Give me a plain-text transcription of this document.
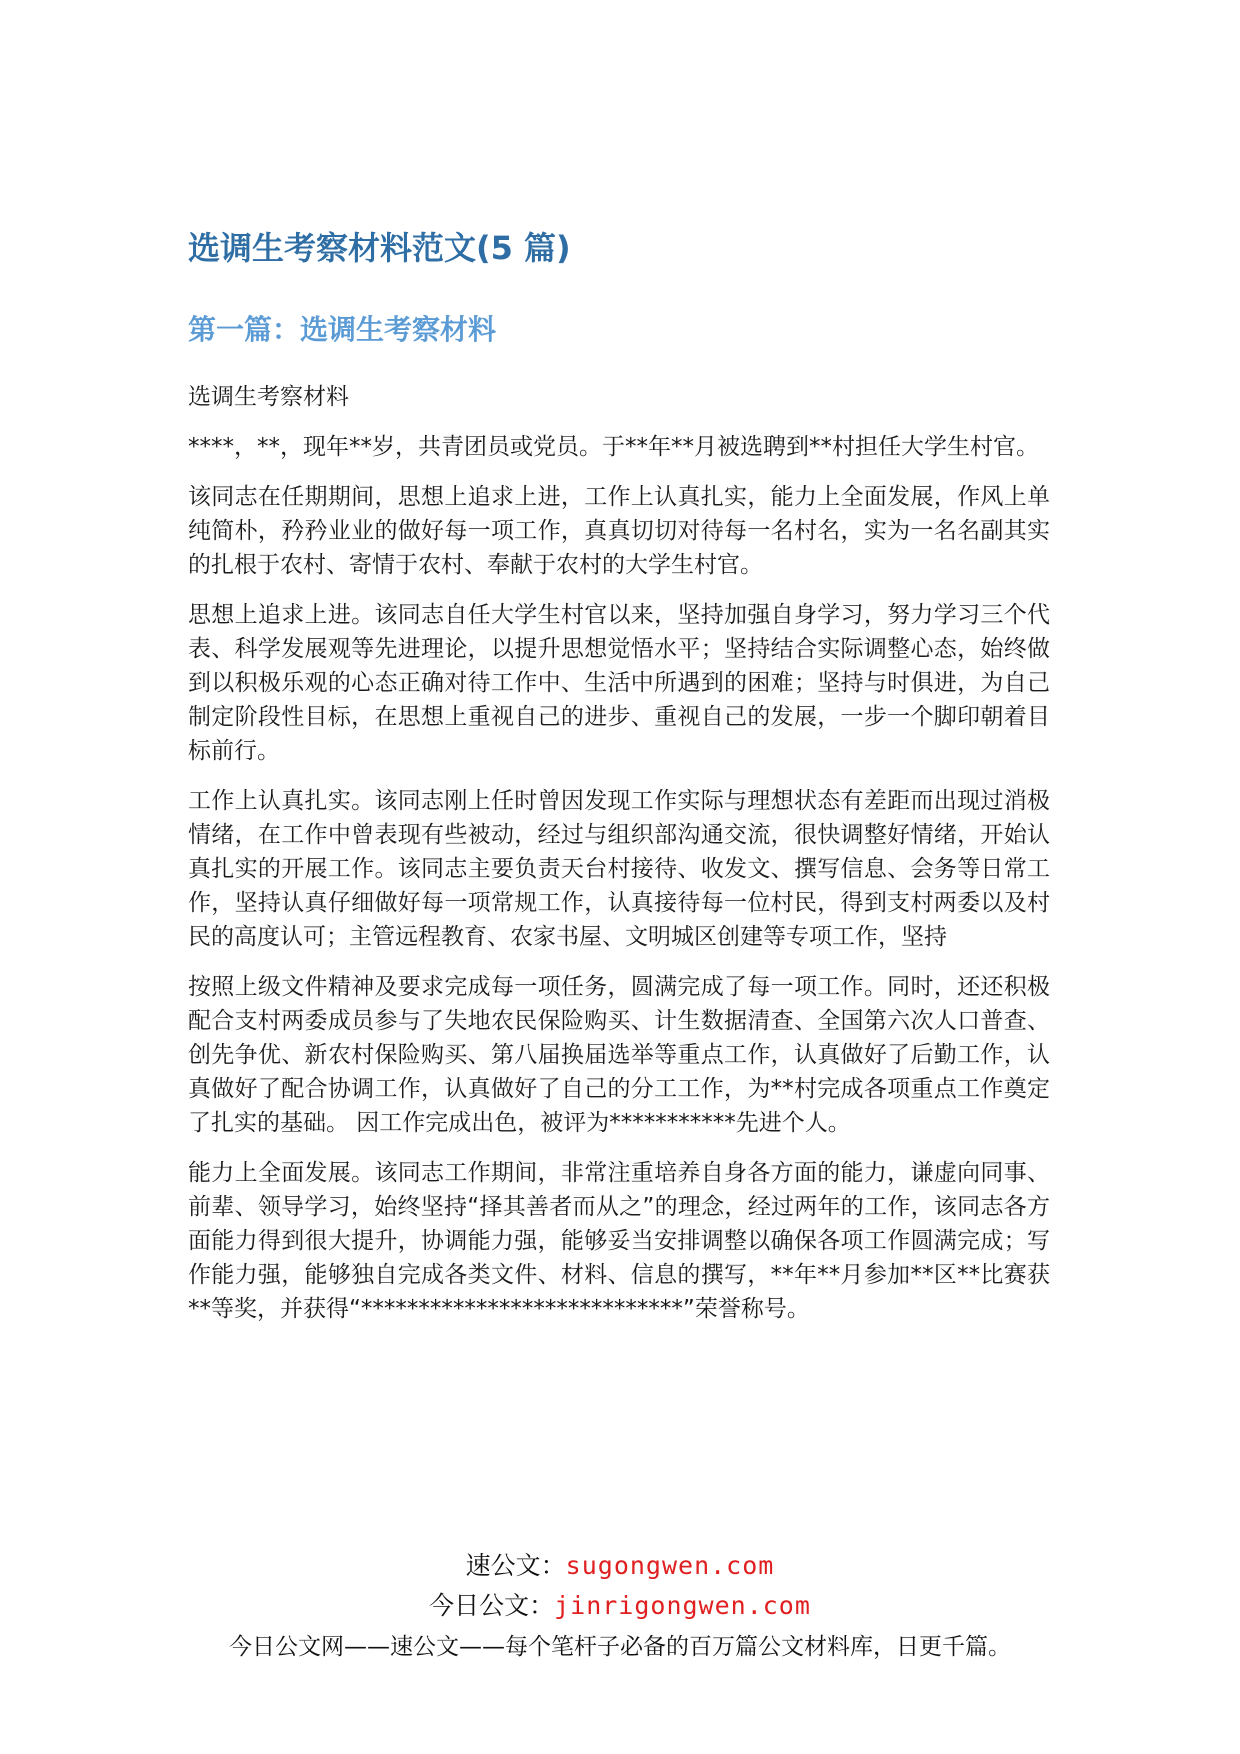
选调生考察材料范文(5 篇)
第一篇：选调生考察材料

选调生考察材料

****，**，现年**岁，共青团员或党员。于**年**月被选聘到**村担任大学生村官。

该同志在任期期间，思想上追求上进，工作上认真扎实，能力上全面发展，作风上单纯简朴，矜矜业业的做好每一项工作，真真切切对待每一名村名，实为一名名副其实的扎根于农村、寄情于农村、奉献于农村的大学生村官。

思想上追求上进。该同志自任大学生村官以来，坚持加强自身学习，努力学习三个代表、科学发展观等先进理论，以提升思想觉悟水平；坚持结合实际调整心态，始终做到以积极乐观的心态正确对待工作中、生活中所遇到的困难；坚持与时俱进，为自己制定阶段性目标，在思想上重视自己的进步、重视自己的发展，一步一个脚印朝着目标前行。

工作上认真扎实。该同志刚上任时曾因发现工作实际与理想状态有差距而出现过消极情绪，在工作中曾表现有些被动，经过与组织部沟通交流，很快调整好情绪，开始认真扎实的开展工作。该同志主要负责天台村接待、收发文、撰写信息、会务等日常工作，坚持认真仔细做好每一项常规工作，认真接待每一位村民，得到支村两委以及村民的高度认可；主管远程教育、农家书屋、文明城区创建等专项工作，坚持

按照上级文件精神及要求完成每一项任务，圆满完成了每一项工作。同时，还还积极配合支村两委成员参与了失地农民保险购买、计生数据清查、全国第六次人口普查、创先争优、新农村保险购买、第八届换届选举等重点工作，认真做好了后勤工作，认真做好了配合协调工作，认真做好了自己的分工工作，为**村完成各项重点工作奠定了扎实的基础。 因工作完成出色，被评为***********先进个人。

能力上全面发展。该同志工作期间，非常注重培养自身各方面的能力，谦虚向同事、前辈、领导学习，始终坚持“择其善者而从之”的理念，经过两年的工作，该同志各方面能力得到很大提升，协调能力强，能够妥当安排调整以确保各项工作圆满完成；写作能力强，能够独自完成各类文件、材料、信息的撰写，**年**月参加**区**比赛获**等奖，并获得“****************************”荣誉称号。

速公文：sugongwen.com
今日公文：jinrigongwen.com
今日公文网——速公文——每个笔杆子必备的百万篇公文材料库，日更千篇。
